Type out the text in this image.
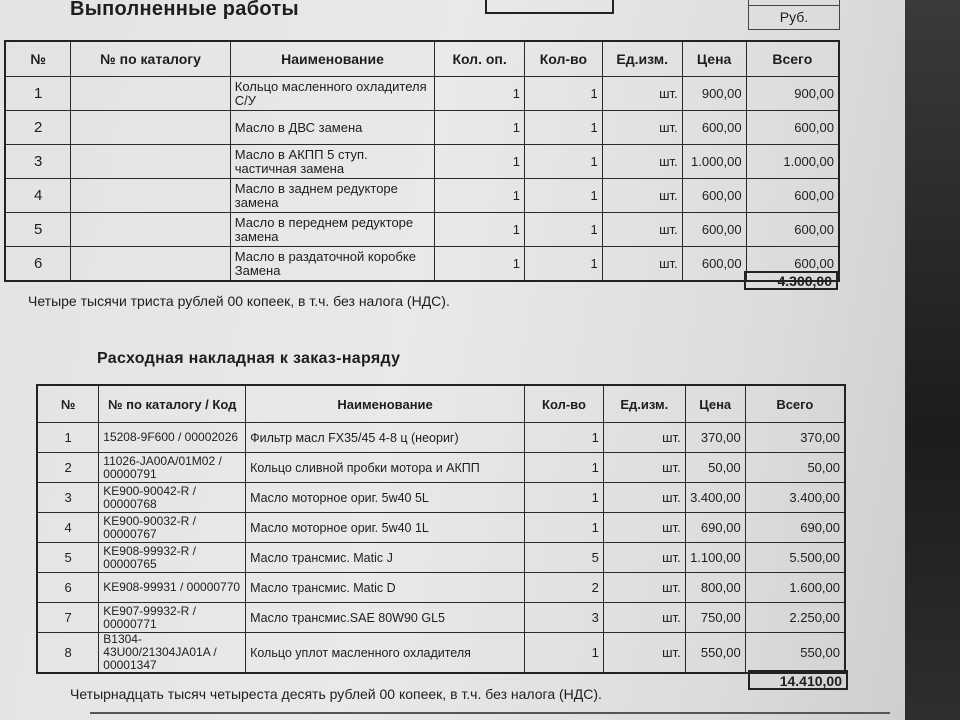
Руб.
Выполненные работы
№	№ по каталогу	Наименование	Кол. оп.	Кол-во	Ед.изм.	Цена	Всего
1		Кольцо масленного охладителя С/У	1	1	шт.	900,00	900,00
2		Масло в ДВС замена	1	1	шт.	600,00	600,00
3		Масло в АКПП 5 ступ. частичная замена	1	1	шт.	1.000,00	1.000,00
4		Масло в заднем редукторе замена	1	1	шт.	600,00	600,00
5		Масло в переднем редукторе замена	1	1	шт.	600,00	600,00
6		Масло в раздаточной коробке Замена	1	1	шт.	600,00	600,00
4.300,00
Четыре тысячи триста рублей 00 копеек, в т.ч. без налога (НДС).
Расходная накладная к заказ-наряду
№	№ по каталогу / Код	Наименование	Кол-во	Ед.изм.	Цена	Всего
1	15208-9F600 / 00002026	Фильтр масл FX35/45 4-8 ц (неориг)	1	шт.	370,00	370,00
2	11026-JA00A/01M02 / 00000791	Кольцо сливной пробки мотора и АКПП	1	шт.	50,00	50,00
3	KE900-90042-R / 00000768	Масло моторное ориг. 5w40 5L	1	шт.	3.400,00	3.400,00
4	KE900-90032-R / 00000767	Масло моторное ориг. 5w40 1L	1	шт.	690,00	690,00
5	KE908-99932-R / 00000765	Масло трансмис. Matic J	5	шт.	1.100,00	5.500,00
6	KE908-99931 / 00000770	Масло трансмис. Matic D	2	шт.	800,00	1.600,00
7	KE907-99932-R / 00000771	Масло трансмис.SAE 80W90 GL5	3	шт.	750,00	2.250,00
8	B1304-43U00/21304JA01A / 00001347	Кольцо уплот масленного охладителя	1	шт.	550,00	550,00
14.410,00
Четырнадцать тысяч четыреста десять рублей 00 копеек, в т.ч. без налога (НДС).
